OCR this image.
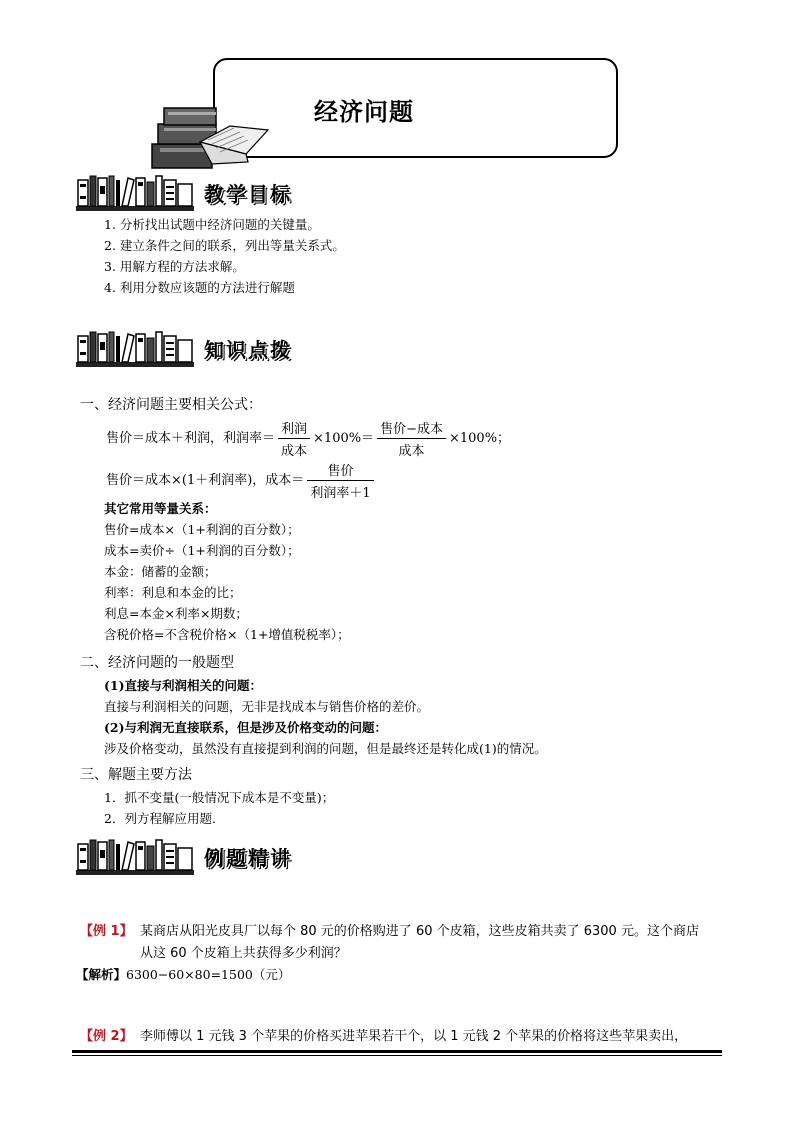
经济问题
教学目标
1. 分析找出试题中经济问题的关键量。
2. 建立条件之间的联系，列出等量关系式。
3. 用解方程的方法求解。
4. 利用分数应该题的方法进行解题
知识点拨
一、经济问题主要相关公式：
售价＝成本＋利润，利润率＝ $\frac{\text{利润}}{\text{成本}} \times 100\%= \frac{\text{售价−成本}}{\text{成本}} \times 100\%$；
售价＝成本×(1＋利润率)，成本＝ $\frac{\text{售价}}{\text{利润率＋1}}$
其它常用等量关系：
售价=成本×（1+利润的百分数）；
成本=卖价÷（1+利润的百分数）；
本金：储蓄的金额；
利率：利息和本金的比；
利息=本金×利率×期数；
含税价格=不含税价格×（1+增值税税率）；
二、经济问题的一般题型
(1)直接与利润相关的问题：
直接与利润相关的问题，无非是找成本与销售价格的差价。
(2)与利润无直接联系，但是涉及价格变动的问题：
涉及价格变动，虽然没有直接提到利润的问题，但是最终还是转化成(1)的情况。
三、解题主要方法
1．抓不变量(一般情况下成本是不变量)；
2．列方程解应用题.
例题精讲
【例 1】 某商店从阳光皮具厂以每个 80 元的价格购进了 60 个皮箱，这些皮箱共卖了 6300 元。这个商店
从这 60 个皮箱上共获得多少利润？
【解析】6300−60×80=1500（元）
【例 2】 李师傅以 1 元钱 3 个苹果的价格买进苹果若干个，以 1 元钱 2 个苹果的价格将这些苹果卖出，
